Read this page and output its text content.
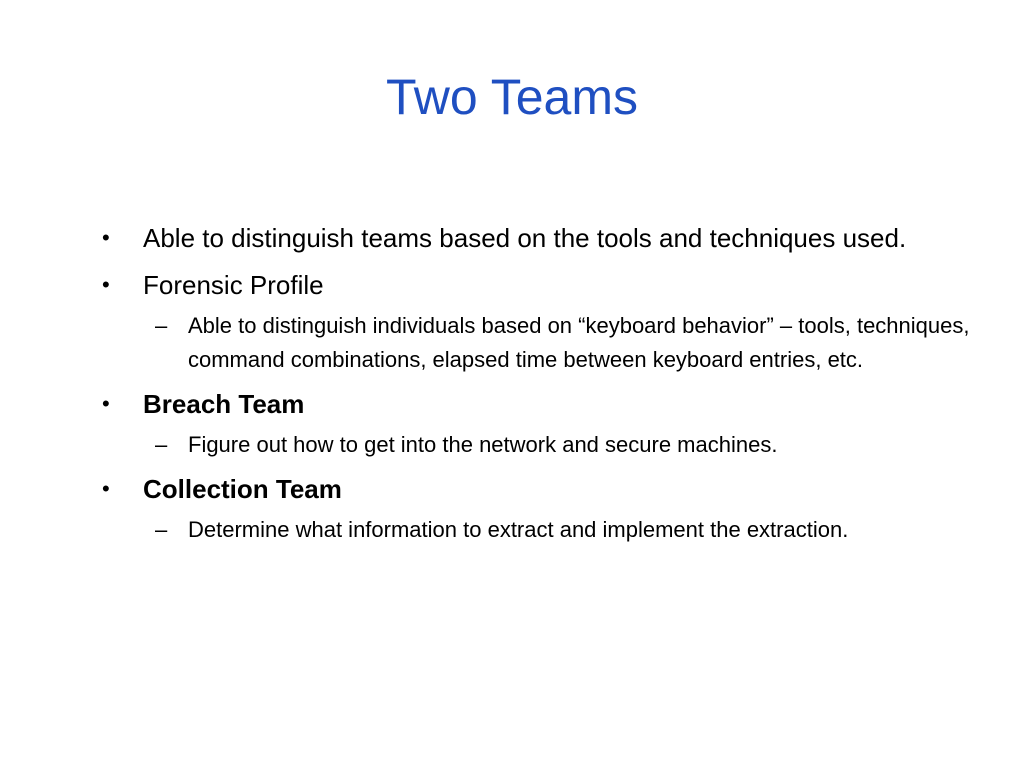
Two Teams
•	Able to distinguish teams based on the tools and techniques used.
•	Forensic Profile
– Able to distinguish individuals based on “keyboard behavior” – tools, techniques, command combinations, elapsed time between keyboard entries, etc.
•	Breach Team
– Figure out how to get into the network and secure machines.
•	Collection Team
– Determine what information to extract and implement the extraction.
